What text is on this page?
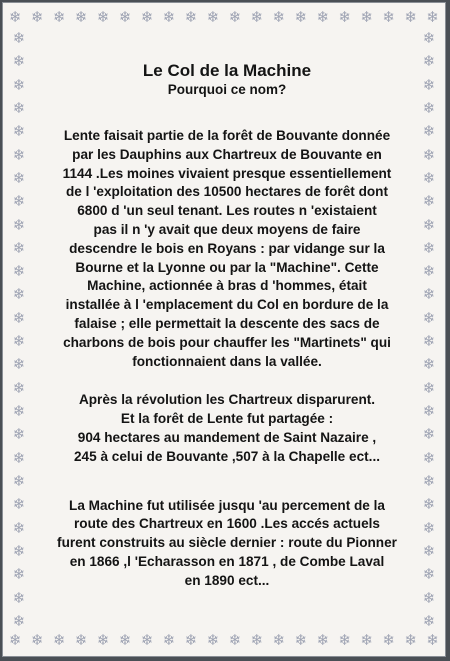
❄ ❄ ❄ ❄ ❄ ❄ ❄ ❄ ❄ ❄ ❄ ❄ ❄ ❄ ❄ ❄ ❄ ❄ ❄ ❄
❄ ❄ ❄ ❄ ❄ ❄ ❄ ❄ ❄ ❄ ❄ ❄ ❄ ❄ ❄ ❄ ❄ ❄ ❄ ❄
❄
❄
❄
❄
❄
❄
❄
❄
❄
❄
❄
❄
❄
❄
❄
❄
❄
❄
❄
❄
❄
❄
❄
❄
❄
❄
❄
❄
❄
❄
❄
❄
❄
❄
❄
❄
❄
❄
❄
❄
❄
❄
❄
❄
❄
❄
❄
❄
❄
❄
❄
❄

Le Col de la Machine

Pourquoi ce nom?

Lente faisait partie de la forêt de Bouvante donnée
par les Dauphins aux Chartreux de Bouvante en
1144 .Les moines vivaient presque essentiellement
de l 'exploitation des 10500 hectares de forêt dont
6800 d 'un seul tenant. Les routes n 'existaient
pas il n 'y avait que deux moyens de faire
descendre le bois en Royans : par vidange sur la
Bourne et la Lyonne ou par la "Machine". Cette
Machine, actionnée à bras d 'hommes, était
installée à l 'emplacement du Col en bordure de la
falaise ; elle permettait la descente des sacs de
charbons de bois pour chauffer les "Martinets" qui
fonctionnaient dans la vallée.
Après la révolution les Chartreux disparurent.
Et la forêt de Lente fut partagée :
904 hectares au mandement de Saint Nazaire ,
245 à celui de Bouvante ,507 à la Chapelle ect...
La Machine fut utilisée jusqu 'au percement de la
route des Chartreux en 1600 .Les accés actuels
furent construits au siècle dernier : route du Pionner
en 1866 ,l 'Echarasson en 1871 , de Combe Laval
en 1890 ect...
